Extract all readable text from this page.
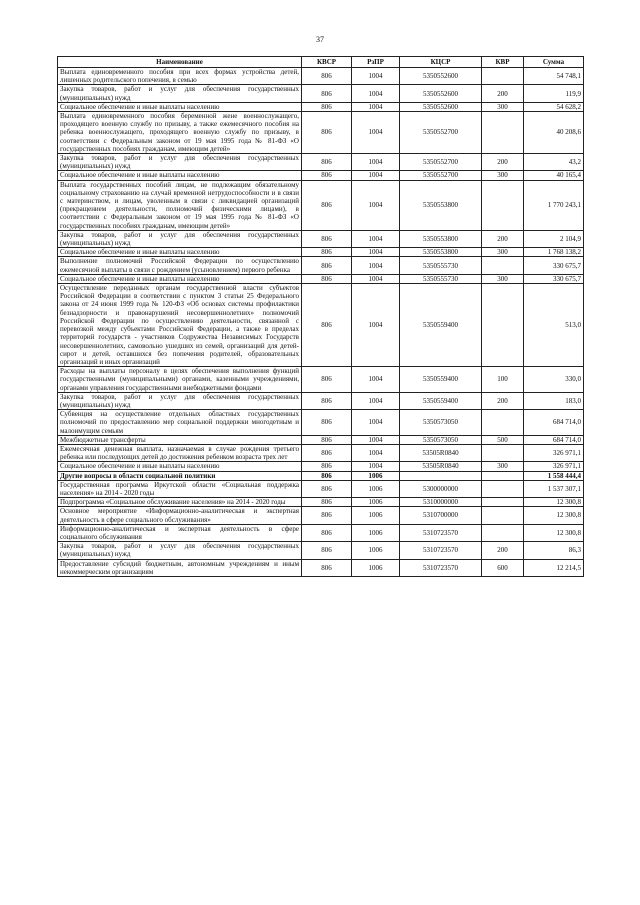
37
Наименование	КВСР	РзПР	КЦСР	КВР	Сумма
Выплата единовременного пособия при всех формах устройства детей, лишенных родительского попечения, в семью	806	1004	5350552600		54 748,1
Закупка товаров, работ и услуг для обеспечения государственных (муниципальных) нужд	806	1004	5350552600	200	119,9
Социальное обеспечение и иные выплаты населению	806	1004	5350552600	300	54 628,2
Выплата единовременного пособия беременной жене военнослужащего, проходящего военную службу по призыву, а также ежемесячного пособия на ребенка военнослужащего, проходящего военную службу по призыву, в соответствии с Федеральным законом от 19 мая 1995 года № 81-ФЗ «О государственных пособиях гражданам, имеющим детей»	806	1004	5350552700		40 208,6
Закупка товаров, работ и услуг для обеспечения государственных (муниципальных) нужд	806	1004	5350552700	200	43,2
Социальное обеспечение и иные выплаты населению	806	1004	5350552700	300	40 165,4
Выплата государственных пособий лицам, не подлежащим обязательному социальному страхованию на случай временной нетрудоспособности и в связи с материнством, и лицам, уволенным в связи с ликвидацией организаций (прекращением деятельности, полномочий физическими лицами), в соответствии с Федеральным законом от 19 мая 1995 года № 81-ФЗ «О государственных пособиях гражданам, имеющим детей»	806	1004	5350553800		1 770 243,1
Закупка товаров, работ и услуг для обеспечения государственных (муниципальных) нужд	806	1004	5350553800	200	2 104,9
Социальное обеспечение и иные выплаты населению	806	1004	5350553800	300	1 768 138,2
Выполнение полномочий Российской Федерации по осуществлению ежемесячной выплаты в связи с рождением (усыновлением) первого ребенка	806	1004	5350555730		330 675,7
Социальное обеспечение и иные выплаты населению	806	1004	5350555730	300	330 675,7
Осуществление переданных органам государственной власти субъектов Российской Федерации в соответствии с пунктом 3 статьи 25 Федерального закона от 24 июня 1999 года № 120-ФЗ «Об основах системы профилактики безнадзорности и правонарушений несовершеннолетних» полномочий Российской Федерации по осуществлению деятельности, связанной с перевозкой между субъектами Российской Федерации, а также в пределах территорий государств - участников Содружества Независимых Государств несовершеннолетних, самовольно ушедших из семей, организаций для детей-сирот и детей, оставшихся без попечения родителей, образовательных организаций и иных организаций	806	1004	5350559400		513,0
Расходы на выплаты персоналу в целях обеспечения выполнения функций государственными (муниципальными) органами, казенными учреждениями, органами управления государственными внебюджетными фондами	806	1004	5350559400	100	330,0
Закупка товаров, работ и услуг для обеспечения государственных (муниципальных) нужд	806	1004	5350559400	200	183,0
Субвенция на осуществление отдельных областных государственных полномочий по предоставлению мер социальной поддержки многодетным и малоимущим семьям	806	1004	5350573050		684 714,0
Межбюджетные трансферты	806	1004	5350573050	500	684 714,0
Ежемесячная денежная выплата, назначаемая в случае рождения третьего ребенка или последующих детей до достижения ребенком возраста трех лет	806	1004	53505R0840		326 971,1
Социальное обеспечение и иные выплаты населению	806	1004	53505R0840	300	326 971,1
Другие вопросы в области социальной политики	806	1006			1 558 444,4
Государственная программа Иркутской области «Социальная поддержка населения» на 2014 - 2020 годы	806	1006	5300000000		1 537 307,1
Подпрограмма «Социальное обслуживание населения» на 2014 - 2020 годы	806	1006	5310000000		12 300,8
Основное мероприятие «Информационно-аналитическая и экспертная деятельность в сфере социального обслуживания»	806	1006	5310700000		12 300,8
Информационно-аналитическая и экспертная деятельность в сфере социального обслуживания	806	1006	5310723570		12 300,8
Закупка товаров, работ и услуг для обеспечения государственных (муниципальных) нужд	806	1006	5310723570	200	86,3
Предоставление субсидий бюджетным, автономным учреждениям и иным некоммерческим организациям	806	1006	5310723570	600	12 214,5
